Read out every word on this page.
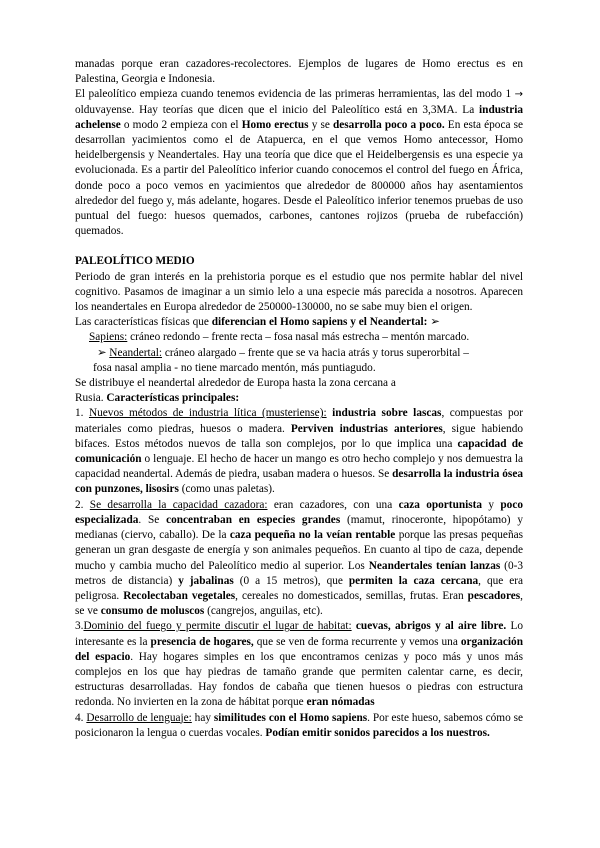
manadas porque eran cazadores-recolectores. Ejemplos de lugares de Homo erectus es en Palestina, Georgia e Indonesia.

El paleolítico empieza cuando tenemos evidencia de las primeras herramientas, las del modo 1 → olduvayense. Hay teorías que dicen que el inicio del Paleolítico está en 3,3MA. La industria achelense o modo 2 empieza con el Homo erectus y se desarrolla poco a poco. En esta época se desarrollan yacimientos como el de Atapuerca, en el que vemos Homo antecessor, Homo heidelbergensis y Neandertales. Hay una teoría que dice que el Heidelbergensis es una especie ya evolucionada. Es a partir del Paleolítico inferior cuando conocemos el control del fuego en África, donde poco a poco vemos en yacimientos que alrededor de 800000 años hay asentamientos alrededor del fuego y, más adelante, hogares. Desde el Paleolítico inferior tenemos pruebas de uso puntual del fuego: huesos quemados, carbones, cantones rojizos (prueba de rubefacción) quemados.

PALEOLÍTICO MEDIO

Periodo de gran interés en la prehistoria porque es el estudio que nos permite hablar del nivel cognitivo. Pasamos de imaginar a un simio lelo a una especie más parecida a nosotros. Aparecen los neandertales en Europa alrededor de 250000-130000, no se sabe muy bien el origen.

Las características físicas que diferencian el Homo sapiens y el Neandertal: ➢

Sapiens: cráneo redondo – frente recta – fosa nasal más estrecha – mentón marcado.

➢ Neandertal: cráneo alargado – frente que se va hacia atrás y torus superorbital –

fosa nasal amplia - no tiene marcado mentón, más puntiagudo.

Se distribuye el neandertal alrededor de Europa hasta la zona cercana a

Rusia. Características principales:

1. Nuevos métodos de industria lítica (musteriense): industria sobre lascas, compuestas por materiales como piedras, huesos o madera. Perviven industrias anteriores, sigue habiendo bifaces. Estos métodos nuevos de talla son complejos, por lo que implica una capacidad de comunicación o lenguaje. El hecho de hacer un mango es otro hecho complejo y nos demuestra la capacidad neandertal. Además de piedra, usaban madera o huesos. Se desarrolla la industria ósea con punzones, lisosirs (como unas paletas).

2. Se desarrolla la capacidad cazadora: eran cazadores, con una caza oportunista y poco especializada. Se concentraban en especies grandes (mamut, rinoceronte, hipopótamo) y medianas (ciervo, caballo). De la caza pequeña no la veían rentable porque las presas pequeñas generan un gran desgaste de energía y son animales pequeños. En cuanto al tipo de caza, depende mucho y cambia mucho del Paleolítico medio al superior. Los Neandertales tenían lanzas (0-3 metros de distancia) y jabalinas (0 a 15 metros), que permiten la caza cercana, que era peligrosa. Recolectaban vegetales, cereales no domesticados, semillas, frutas. Eran pescadores, se ve consumo de moluscos (cangrejos, anguilas, etc).

3.Dominio del fuego y permite discutir el lugar de habitat: cuevas, abrigos y al aire libre. Lo interesante es la presencia de hogares, que se ven de forma recurrente y vemos una organización del espacio. Hay hogares simples en los que encontramos cenizas y poco más y unos más complejos en los que hay piedras de tamaño grande que permiten calentar carne, es decir, estructuras desarrolladas. Hay fondos de cabaña que tienen huesos o piedras con estructura redonda. No invierten en la zona de hábitat porque eran nómadas

4. Desarrollo de lenguaje: hay similitudes con el Homo sapiens. Por este hueso, sabemos cómo se posicionaron la lengua o cuerdas vocales. Podían emitir sonidos parecidos a los nuestros.
